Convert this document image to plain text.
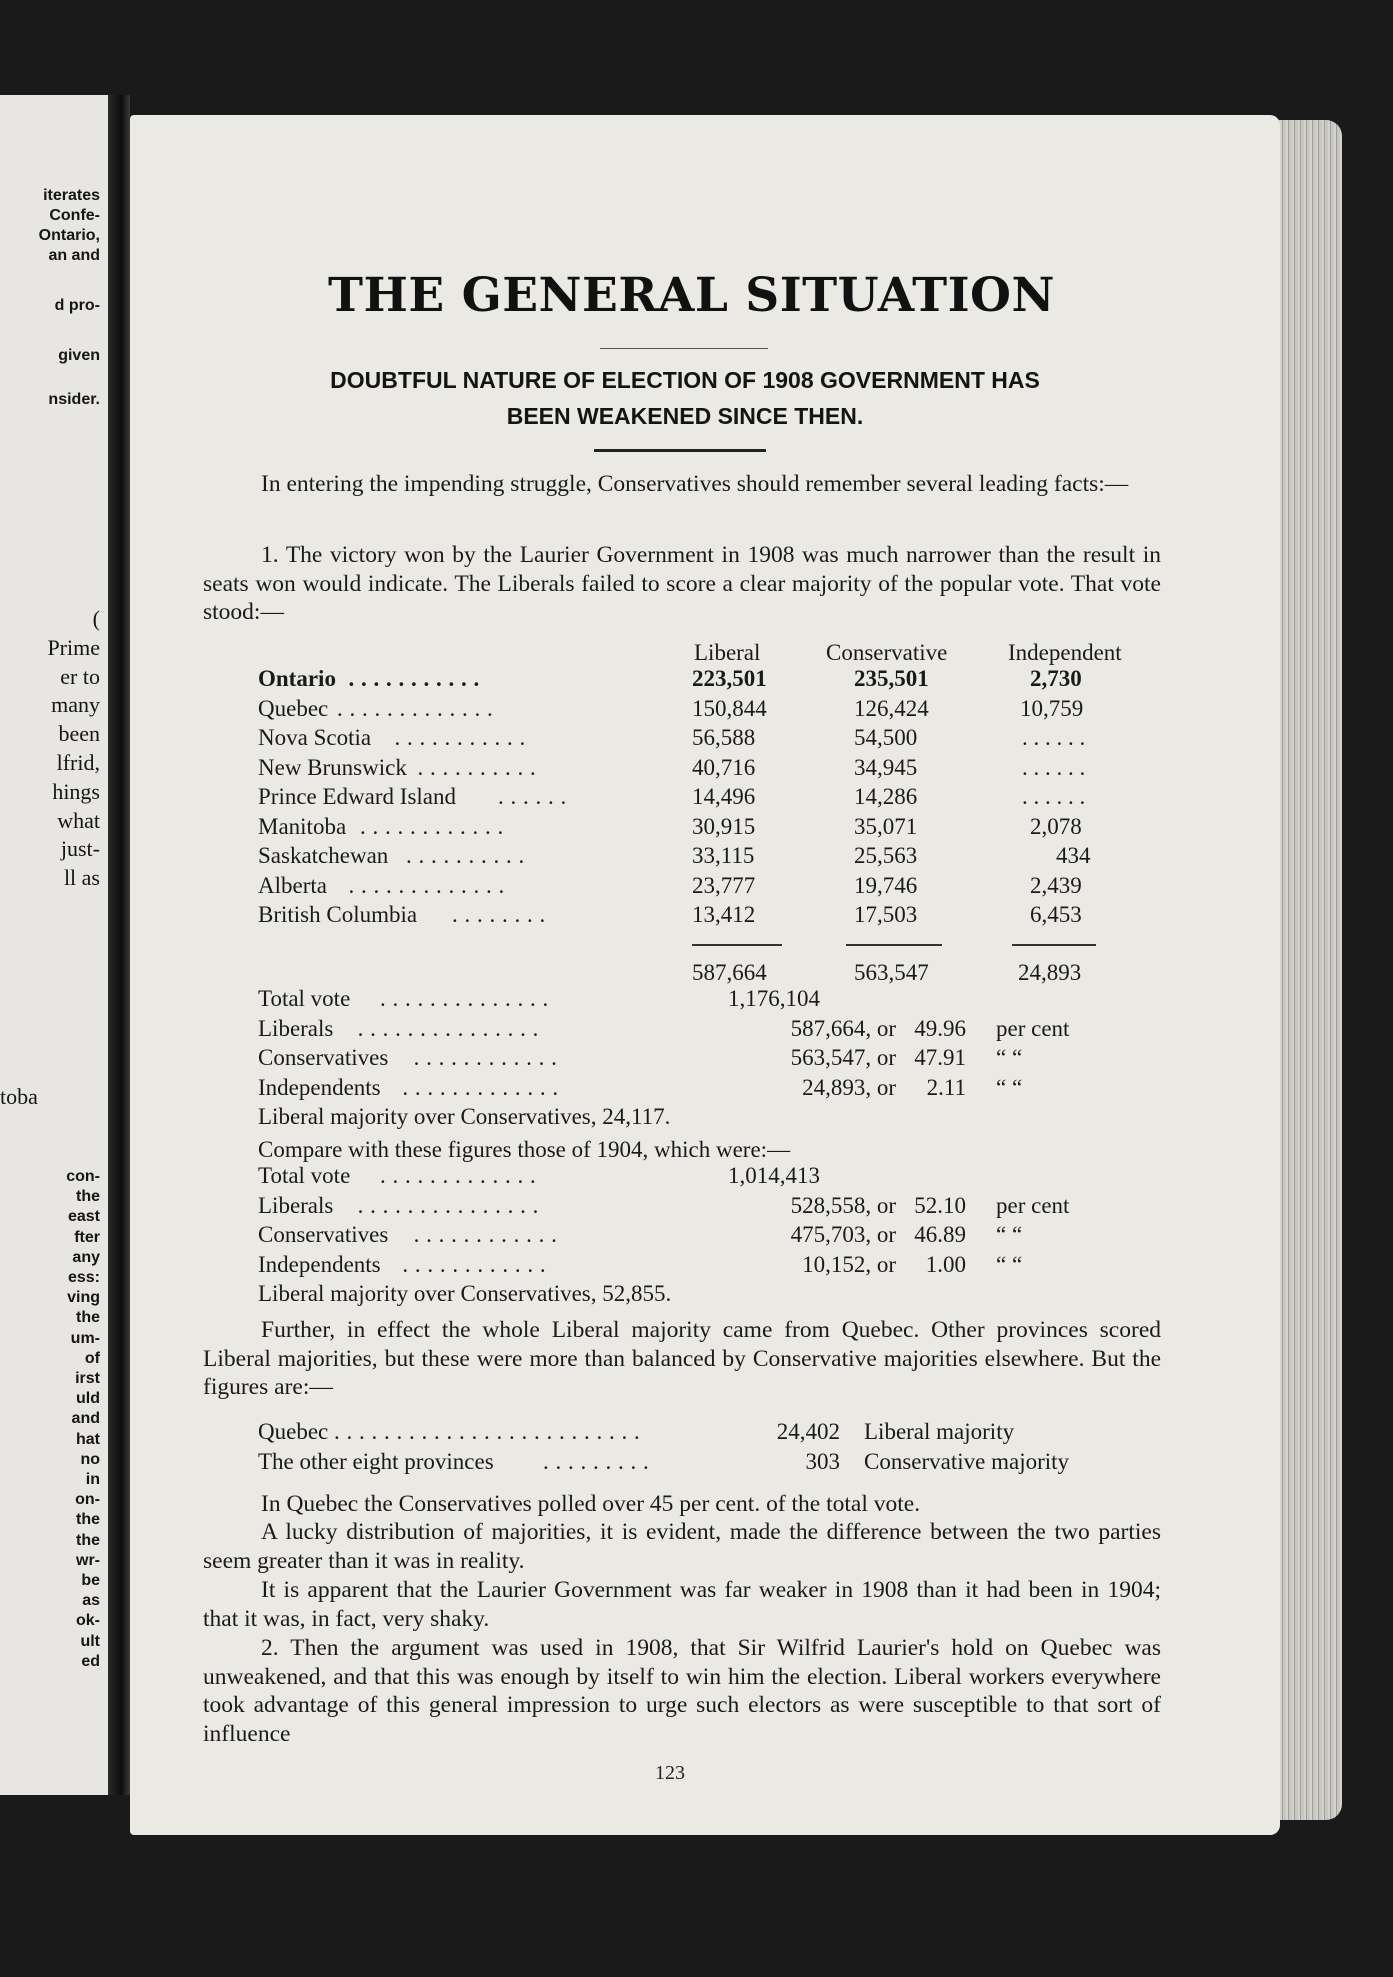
toba
iterates
Confe-
Ontario,
an and
d pro-
given
nsider.
(
Prime
er to
many
been
lfrid,
hings
what
just-
ll as
con-
the
east
fter
any
ess:
ving
the
um-
of
irst
uld
and
hat
no
in
on-
the
the
wr-
be
as
ok-
ult
ed
THE GENERAL SITUATION
DOUBTFUL NATURE OF ELECTION OF 1908 GOVERNMENT HAS
BEEN WEAKENED SINCE THEN.
In entering the impending struggle, Conservatives should remember several leading facts:—
1. The victory won by the Laurier Government in 1908 was much narrower than the result in seats won would indicate. The Liberals failed to score a clear majority of the popular vote. That vote stood:—
Liberal	Conservative	Independent
Ontario . . . . . . . . . . .	223,501	235,501	2,730
Quebec . . . . . . . . . . . . .	150,844	126,424	10,759
Nova Scotia . . . . . . . . . . .	56,588	54,500	. . . . . .
New Brunswick . . . . . . . . . .	40,716	34,945	. . . . . .
Prince Edward Island . . . . . .	14,496	14,286	. . . . . .
Manitoba . . . . . . . . . . . .	30,915	35,071	2,078
Saskatchewan . . . . . . . . . .	33,115	25,563	434
Alberta . . . . . . . . . . . . .	23,777	19,746	2,439
British Columbia . . . . . . . .	13,412	17,503	6,453
587,664	563,547	24,893
Total vote . . . . . . . . . . . . . .	1,176,104
Liberals . . . . . . . . . . . . . . .	587,664, or 49.96 per cent
Conservatives . . . . . . . . . . . .	563,547, or 47.91 “ “
Independents . . . . . . . . . . . . .	24,893, or 2.11 “ “
Liberal majority over Conservatives, 24,117.
Compare with these figures those of 1904, which were:—
Total vote . . . . . . . . . . . . .	1,014,413
Liberals . . . . . . . . . . . . . . .	528,558, or 52.10 per cent
Conservatives . . . . . . . . . . . .	475,703, or 46.89 “ “
Independents . . . . . . . . . . . .	10,152, or 1.00 “ “
Liberal majority over Conservatives, 52,855.
Further, in effect the whole Liberal majority came from Quebec. Other provinces scored Liberal majorities, but these were more than balanced by Conservative majorities elsewhere. But the figures are:—
Quebec . . . . . . . . . . . . . . . . . . . . . . . . .	24,402 Liberal majority
The other eight provinces . . . . . . . . .	303 Conservative majority
In Quebec the Conservatives polled over 45 per cent. of the total vote.
A lucky distribution of majorities, it is evident, made the difference between the two parties seem greater than it was in reality.
It is apparent that the Laurier Government was far weaker in 1908 than it had been in 1904; that it was, in fact, very shaky.
2. Then the argument was used in 1908, that Sir Wilfrid Laurier's hold on Quebec was unweakened, and that this was enough by itself to win him the election. Liberal workers everywhere took advantage of this general impression to urge such electors as were susceptible to that sort of influence
123
